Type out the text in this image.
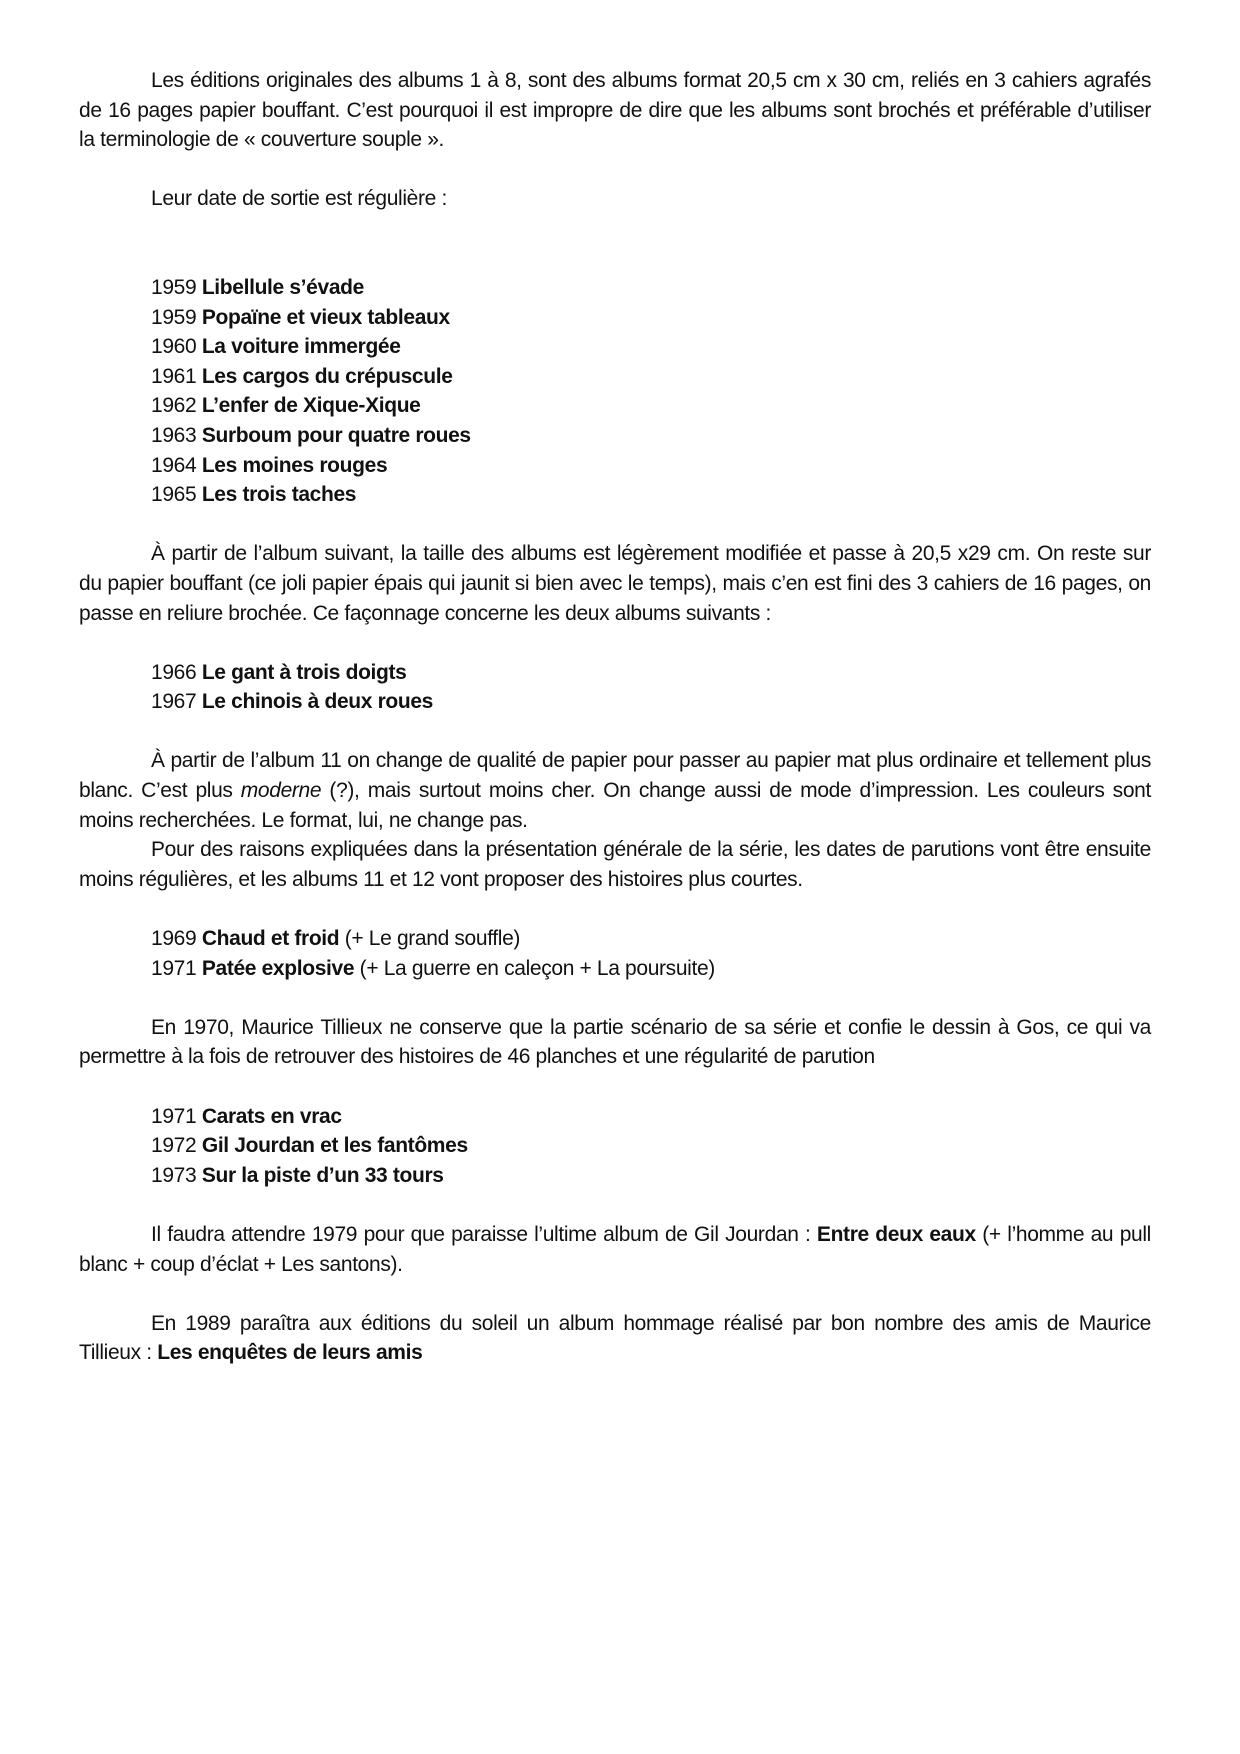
Les éditions originales des albums 1 à 8, sont des albums format 20,5 cm x 30 cm, reliés en 3 cahiers agrafés de 16 pages papier bouffant. C’est pourquoi il est impropre de dire que les albums sont brochés et préférable d’utiliser la terminologie de « couverture souple ».

Leur date de sortie est régulière :

1959 Libellule s’évade
1959 Popaïne et vieux tableaux
1960 La voiture immergée
1961 Les cargos du crépuscule
1962 L’enfer de Xique-Xique
1963 Surboum pour quatre roues
1964 Les moines rouges
1965 Les trois taches

À partir de l’album suivant, la taille des albums est légèrement modifiée et passe à 20,5 x29 cm. On reste sur du papier bouffant (ce joli papier épais qui jaunit si bien avec le temps), mais c’en est fini des 3 cahiers de 16 pages, on passe en reliure brochée. Ce façonnage concerne les deux albums suivants :

1966 Le gant à trois doigts
1967 Le chinois à deux roues

À partir de l’album 11 on change de qualité de papier pour passer au papier mat plus ordinaire et tellement plus blanc. C’est plus moderne (?), mais surtout moins cher. On change aussi de mode d’impression. Les couleurs sont moins recherchées. Le format, lui, ne change pas.

Pour des raisons expliquées dans la présentation générale de la série, les dates de parutions vont être ensuite moins régulières, et les albums 11 et 12 vont proposer des histoires plus courtes.

1969 Chaud et froid (+ Le grand souffle)
1971 Patée explosive (+ La guerre en caleçon + La poursuite)

En 1970, Maurice Tillieux ne conserve que la partie scénario de sa série et confie le dessin à Gos, ce qui va permettre à la fois de retrouver des histoires de 46 planches et une régularité de parution

1971 Carats en vrac
1972 Gil Jourdan et les fantômes
1973 Sur la piste d’un 33 tours

Il faudra attendre 1979 pour que paraisse l’ultime album de Gil Jourdan : Entre deux eaux (+ l’homme au pull blanc + coup d’éclat + Les santons).

En 1989 paraîtra aux éditions du soleil un album hommage réalisé par bon nombre des amis de Maurice Tillieux : Les enquêtes de leurs amis
